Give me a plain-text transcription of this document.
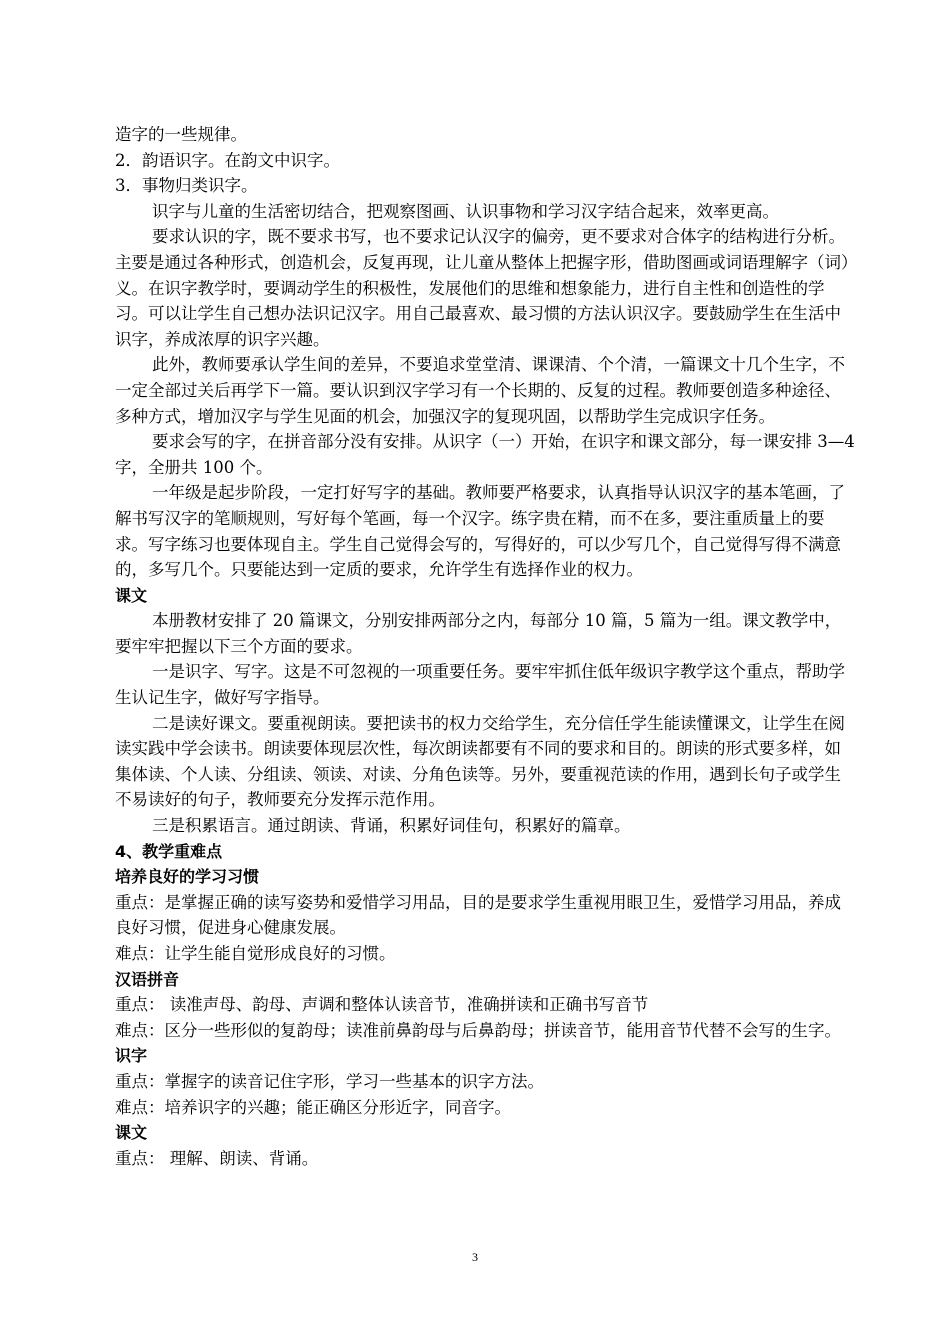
造字的一些规律。

2．韵语识字。在韵文中识字。

3．事物归类识字。

识字与儿童的生活密切结合，把观察图画、认识事物和学习汉字结合起来，效率更高。

要求认识的字，既不要求书写，也不要求记认汉字的偏旁，更不要求对合体字的结构进行分析。主要是通过各种形式，创造机会，反复再现，让儿童从整体上把握字形，借助图画或词语理解字（词）义。在识字教学时，要调动学生的积极性，发展他们的思维和想象能力，进行自主性和创造性的学习。可以让学生自己想办法识记汉字。用自己最喜欢、最习惯的方法认识汉字。要鼓励学生在生活中识字，养成浓厚的识字兴趣。

此外，教师要承认学生间的差异，不要追求堂堂清、课课清、个个清，一篇课文十几个生字，不一定全部过关后再学下一篇。要认识到汉字学习有一个长期的、反复的过程。教师要创造多种途径、多种方式，增加汉字与学生见面的机会，加强汉字的复现巩固，以帮助学生完成识字任务。

要求会写的字，在拼音部分没有安排。从识字（一）开始，在识字和课文部分，每一课安排 3—4 字，全册共 100 个。

一年级是起步阶段，一定打好写字的基础。教师要严格要求，认真指导认识汉字的基本笔画，了解书写汉字的笔顺规则，写好每个笔画，每一个汉字。练字贵在精，而不在多，要注重质量上的要求。写字练习也要体现自主。学生自己觉得会写的，写得好的，可以少写几个，自己觉得写得不满意的，多写几个。只要能达到一定质的要求，允许学生有选择作业的权力。

课文

本册教材安排了 20 篇课文，分别安排两部分之内，每部分 10 篇，5 篇为一组。课文教学中，要牢牢把握以下三个方面的要求。

一是识字、写字。这是不可忽视的一项重要任务。要牢牢抓住低年级识字教学这个重点，帮助学生认记生字，做好写字指导。

二是读好课文。要重视朗读。要把读书的权力交给学生，充分信任学生能读懂课文，让学生在阅读实践中学会读书。朗读要体现层次性，每次朗读都要有不同的要求和目的。朗读的形式要多样，如集体读、个人读、分组读、领读、对读、分角色读等。另外，要重视范读的作用，遇到长句子或学生不易读好的句子，教师要充分发挥示范作用。

三是积累语言。通过朗读、背诵，积累好词佳句，积累好的篇章。

4、教学重难点

培养良好的学习习惯

重点：是掌握正确的读写姿势和爱惜学习用品，目的是要求学生重视用眼卫生，爱惜学习用品，养成良好习惯，促进身心健康发展。

难点：让学生能自觉形成良好的习惯。

汉语拼音

重点： 读准声母、韵母、声调和整体认读音节，准确拼读和正确书写音节

难点：区分一些形似的复韵母；读准前鼻韵母与后鼻韵母；拼读音节，能用音节代替不会写的生字。

识字

重点：掌握字的读音记住字形，学习一些基本的识字方法。

难点：培养识字的兴趣；能正确区分形近字，同音字。

课文

重点： 理解、朗读、背诵。

3
